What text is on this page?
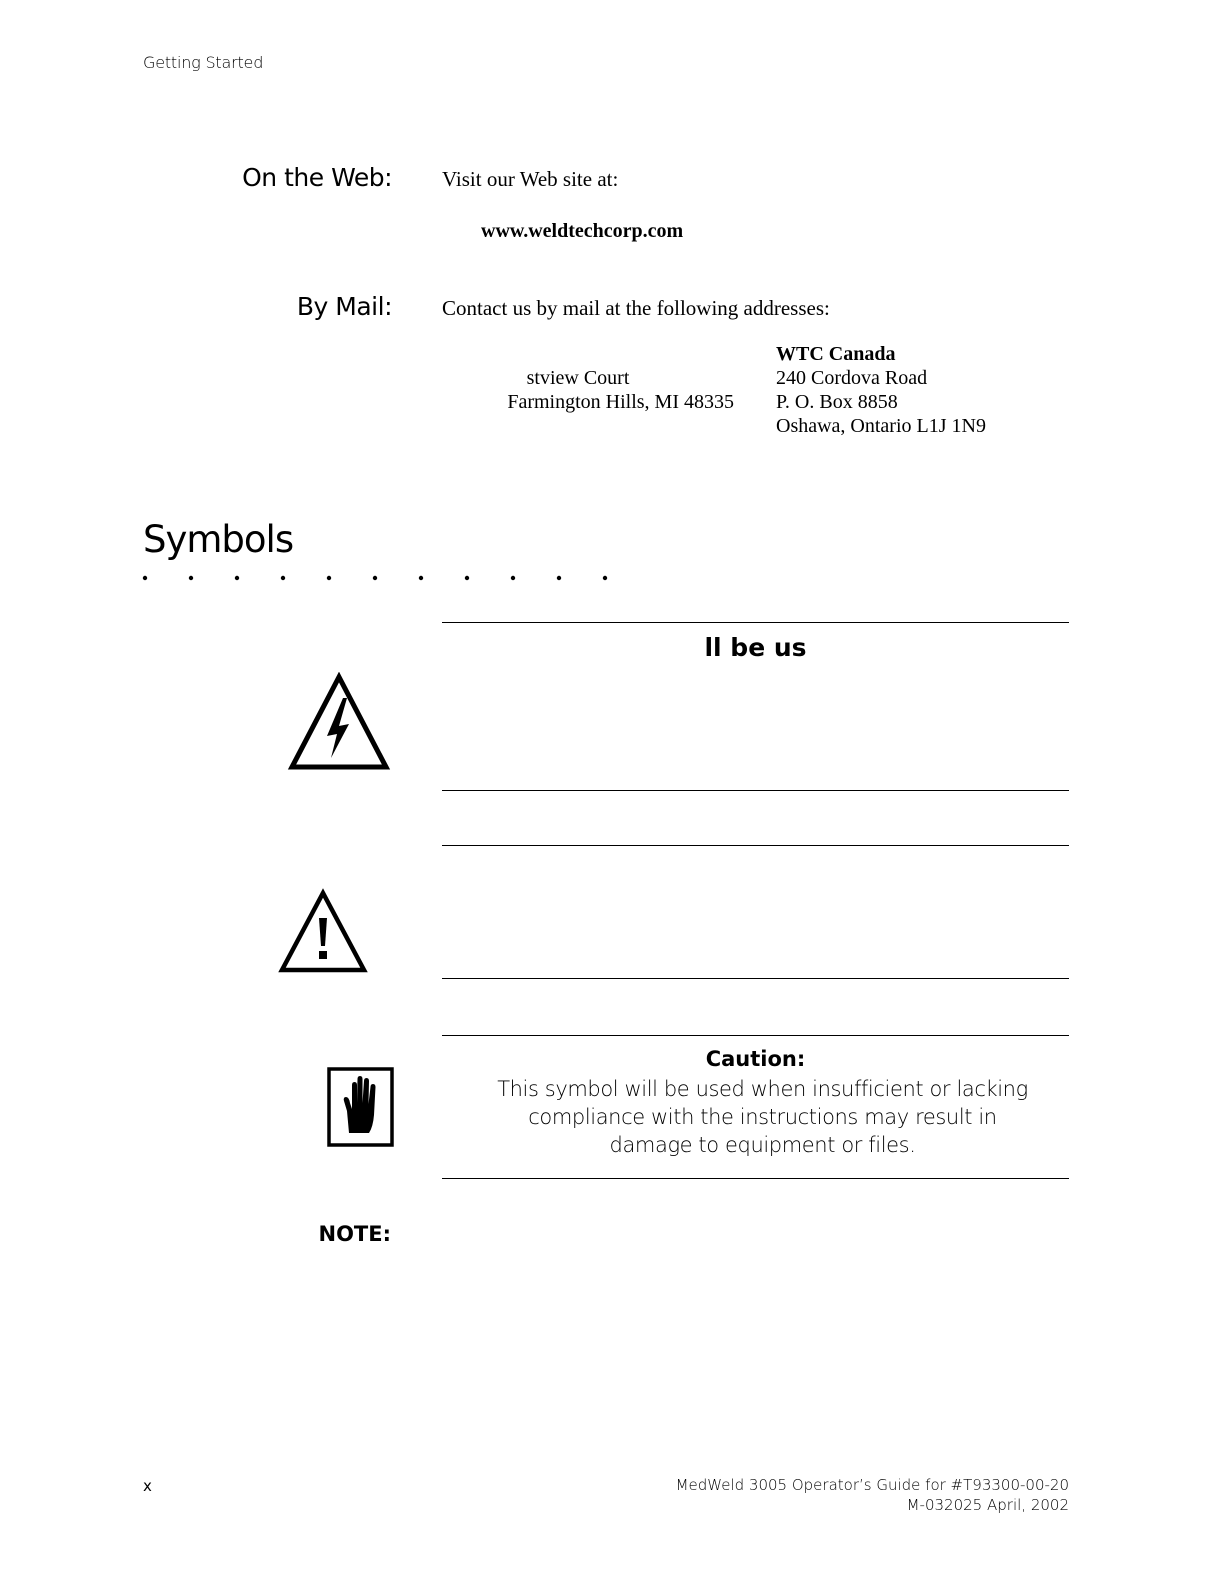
Getting Started
On the Web: Visit our Web site at:
www.weldtechcorp.com
By Mail: Contact us by mail at the following addresses:
stview Court
Farmington Hills, MI 48335
WTC Canada
240 Cordova Road
P. O. Box 8858
Oshawa, Ontario L1J 1N9
Symbols
ll be us
Caution:
This symbol will be used when insufficient or lacking
compliance with the instructions may result in
damage to equipment or files.
NOTE:
x	MedWeld 3005 Operator’s Guide for #T93300-00-20
M-032025 April, 2002
